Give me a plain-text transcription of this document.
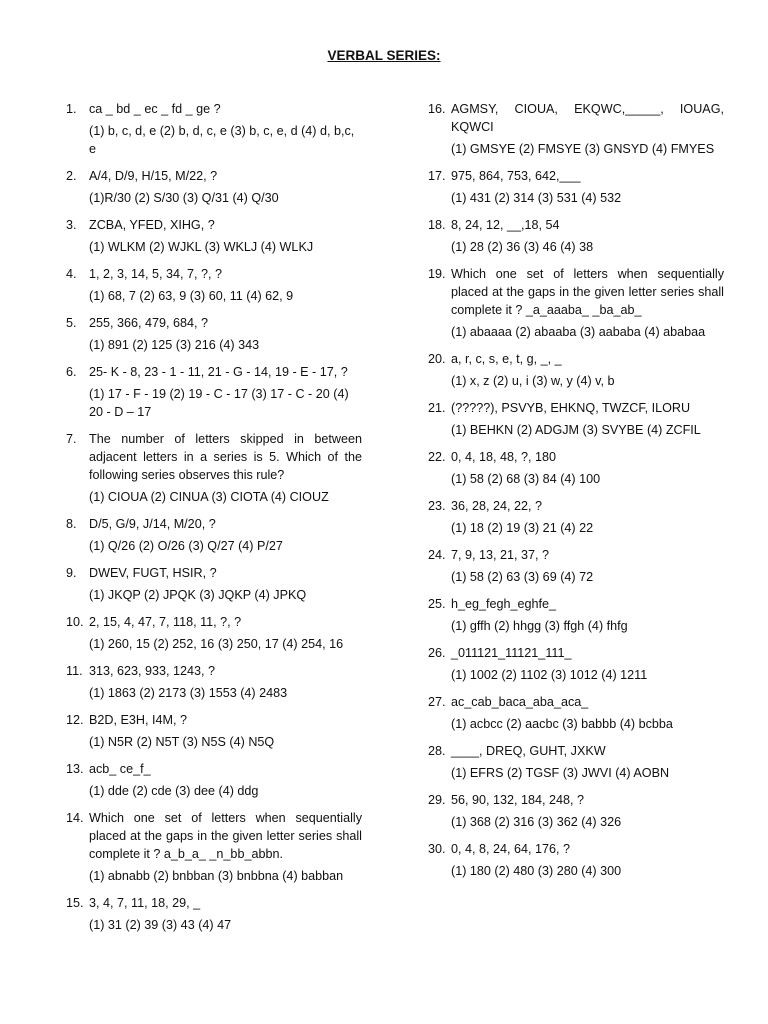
VERBAL SERIES:
1. ca _ bd _ ec _ fd _ ge ?
(1) b, c, d, e (2) b, d, c, e (3) b, c, e, d (4) d, b,c, e
2. A/4, D/9, H/15, M/22, ?
(1)R/30 (2) S/30 (3) Q/31 (4) Q/30
3. ZCBA, YFED, XIHG, ?
(1) WLKM (2) WJKL (3) WKLJ (4) WLKJ
4. 1, 2, 3, 14, 5, 34, 7, ?, ?
(1) 68, 7 (2) 63, 9 (3) 60, 11 (4) 62, 9
5. 255, 366, 479, 684, ?
(1) 891 (2) 125 (3) 216 (4) 343
6. 25- K - 8, 23 - 1 - 11, 21 - G - 14, 19 - E - 17, ?
(1) 17 - F - 19 (2) 19 - C - 17 (3) 17 - C - 20 (4) 20 - D – 17
7. The number of letters skipped in between adjacent letters in a series is 5. Which of the following series observes this rule?
(1) CIOUA (2) CINUA (3) CIOTA (4) CIOUZ
8. D/5, G/9, J/14, M/20, ?
(1) Q/26 (2) O/26 (3) Q/27 (4) P/27
9. DWEV, FUGT, HSIR, ?
(1) JKQP (2) JPQK (3) JQKP (4) JPKQ
10. 2, 15, 4, 47, 7, 118, 11, ?, ?
(1) 260, 15 (2) 252, 16 (3) 250, 17 (4) 254, 16
11. 313, 623, 933, 1243, ?
(1) 1863 (2) 2173 (3) 1553 (4) 2483
12. B2D, E3H, I4M, ?
(1) N5R (2) N5T (3) N5S (4) N5Q
13. acb_ ce_f_
(1) dde (2) cde (3) dee (4) ddg
14. Which one set of letters when sequentially placed at the gaps in the given letter series shall complete it ? a_b_a_ _n_bb_abbn.
(1) abnabb (2) bnbban (3) bnbbna (4) babban
15. 3, 4, 7, 11, 18, 29, _
(1) 31 (2) 39 (3) 43 (4) 47
16. AGMSY, CIOUA, EKQWC,_____, IOUAG, KQWCI
(1) GMSYE (2) FMSYE (3) GNSYD (4) FMYES
17. 975, 864, 753, 642,___
(1) 431 (2) 314 (3) 531 (4) 532
18. 8, 24, 12, __,18, 54
(1) 28 (2) 36 (3) 46 (4) 38
19. Which one set of letters when sequentially placed at the gaps in the given letter series shall complete it ? _a_aaaba_ _ba_ab_
(1) abaaaa (2) abaaba (3) aababa (4) ababaa
20. a, r, c, s, e, t, g, _, _
(1) x, z (2) u, i (3) w, y (4) v, b
21. (?????), PSVYB, EHKNQ, TWZCF, ILORU
(1) BEHKN (2) ADGJM (3) SVYBE (4) ZCFIL
22. 0, 4, 18, 48, ?, 180
(1) 58 (2) 68 (3) 84 (4) 100
23. 36, 28, 24, 22, ?
(1) 18 (2) 19 (3) 21 (4) 22
24. 7, 9, 13, 21, 37, ?
(1) 58 (2) 63 (3) 69 (4) 72
25. h_eg_fegh_eghfe_
(1) gffh (2) hhgg (3) ffgh (4) fhfg
26. _011121_11121_111_
(1) 1002 (2) 1102 (3) 1012 (4) 1211
27. ac_cab_baca_aba_aca_
(1) acbcc (2) aacbc (3) babbb (4) bcbba
28. ____, DREQ, GUHT, JXKW
(1) EFRS (2) TGSF (3) JWVI (4) AOBN
29. 56, 90, 132, 184, 248, ?
(1) 368 (2) 316 (3) 362 (4) 326
30. 0, 4, 8, 24, 64, 176, ?
(1) 180 (2) 480 (3) 280 (4) 300
